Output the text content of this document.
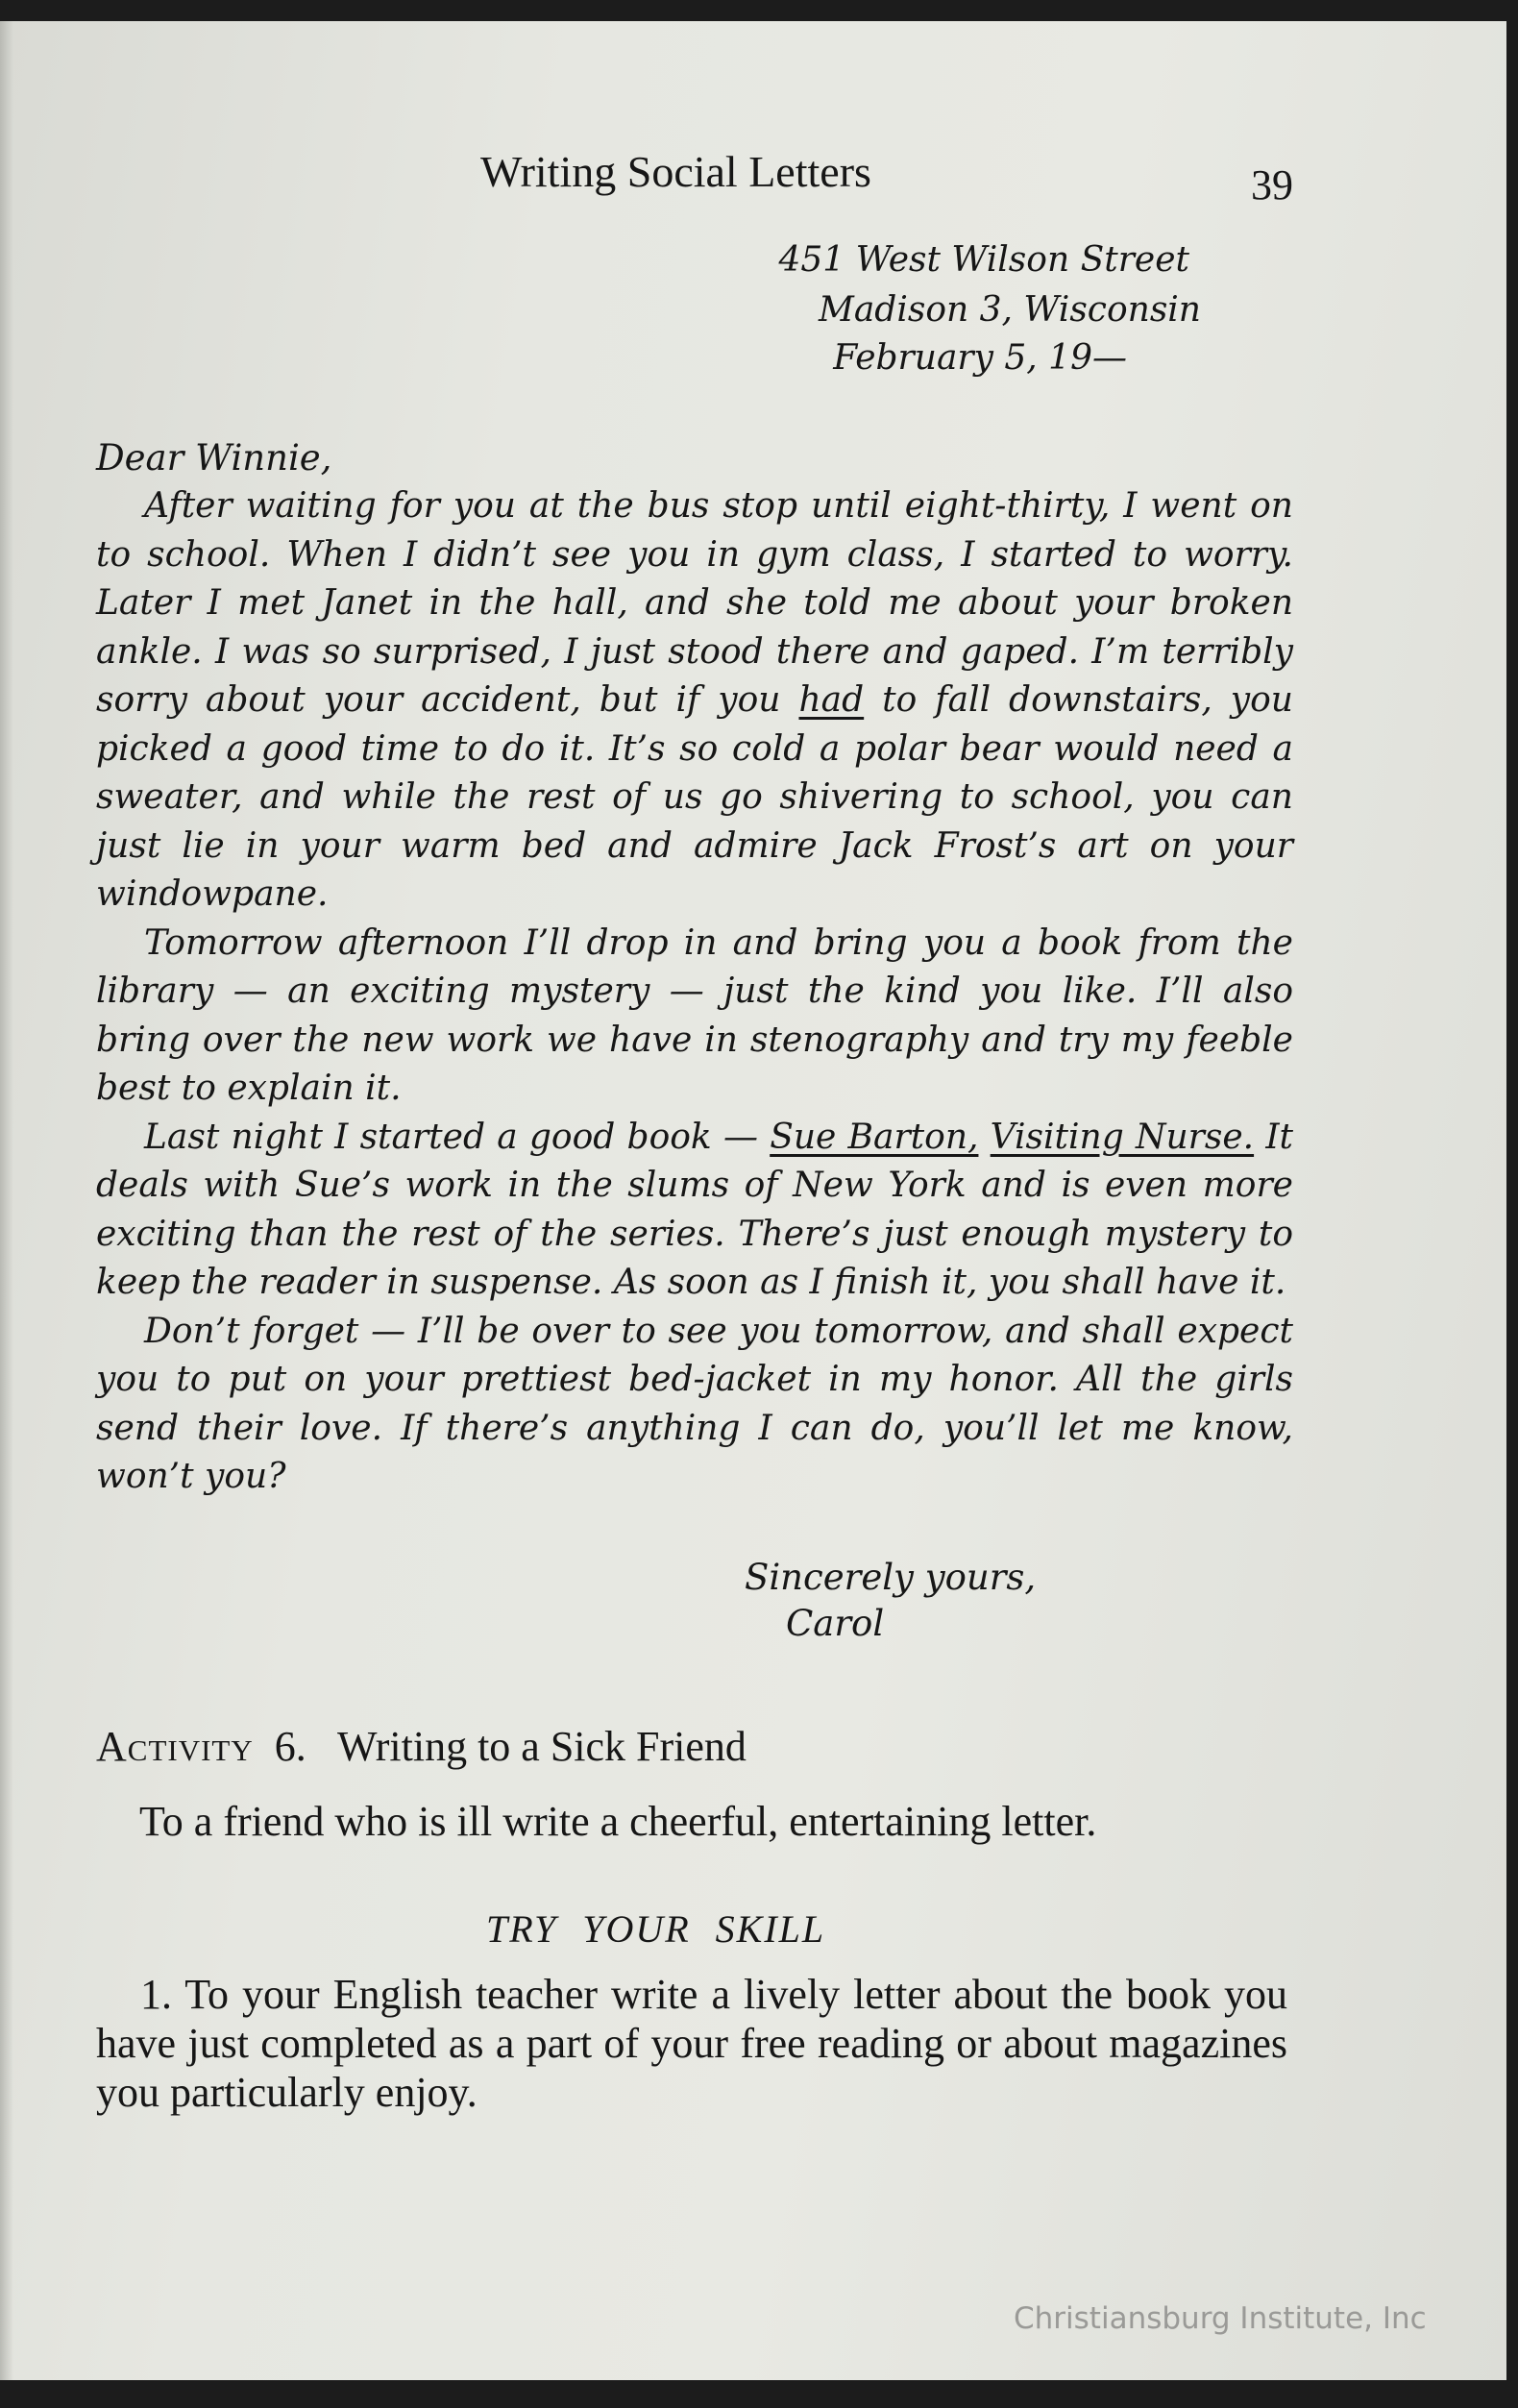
Writing Social Letters	39
451 West Wilson Street
Madison 3, Wisconsin
February 5, 19—
Dear Winnie,

After waiting for you at the bus stop until eight-thirty, I went on to school. When I didn’t see you in gym class, I started to worry. Later I met Janet in the hall, and she told me about your broken ankle. I was so surprised, I just stood there and gaped. I’m terribly sorry about your accident, but if you had to fall downstairs, you picked a good time to do it. It’s so cold a polar bear would need a sweater, and while the rest of us go shivering to school, you can just lie in your warm bed and admire Jack Frost’s art on your windowpane.

Tomorrow afternoon I’ll drop in and bring you a book from the library — an exciting mystery — just the kind you like. I’ll also bring over the new work we have in stenography and try my feeble best to explain it.

Last night I started a good book — Sue Barton, Visiting Nurse. It deals with Sue’s work in the slums of New York and is even more exciting than the rest of the series. There’s just enough mystery to keep the reader in suspense. As soon as I finish it, you shall have it.

Don’t forget — I’ll be over to see you tomorrow, and shall expect you to put on your prettiest bed-jacket in my honor. All the girls send their love. If there’s anything I can do, you’ll let me know, won’t you?

Sincerely yours,
Carol
Activity 6. Writing to a Sick Friend
To a friend who is ill write a cheerful, entertaining letter.
TRY YOUR SKILL

1. To your English teacher write a lively letter about the book you have just completed as a part of your free reading or about magazines you particularly enjoy.

Christiansburg Institute, Inc
